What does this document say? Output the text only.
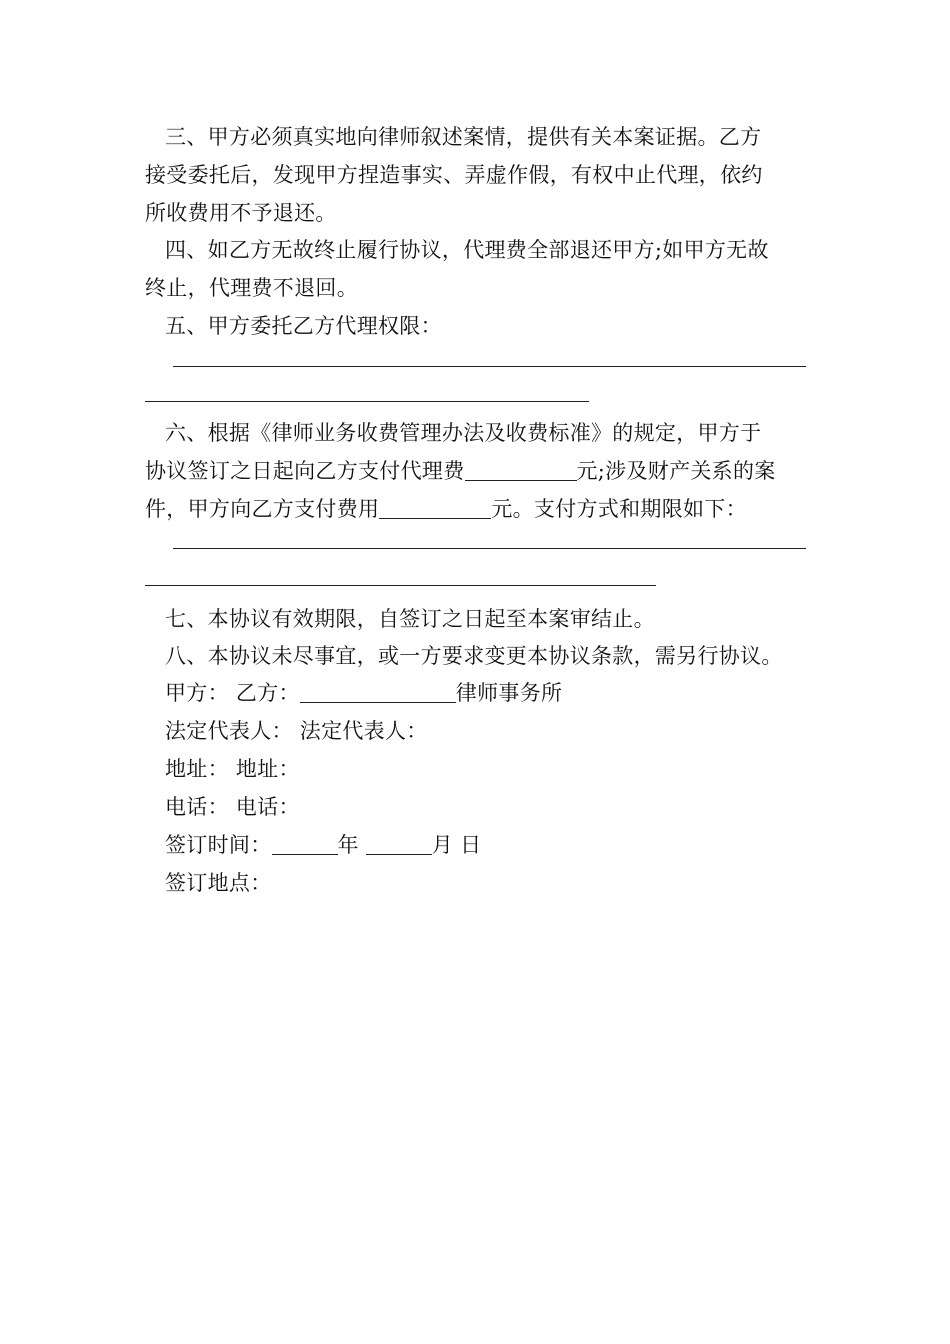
三、甲方必须真实地向律师叙述案情，提供有关本案证据。乙方
接受委托后，发现甲方捏造事实、弄虚作假，有权中止代理，依约
所收费用不予退还。
四、如乙方无故终止履行协议，代理费全部退还甲方;如甲方无故
终止，代理费不退回。
五、甲方委托乙方代理权限：
六、根据《律师业务收费管理办法及收费标准》的规定，甲方于
协议签订之日起向乙方支付代理费	元;涉及财产关系的案
件，甲方向乙方支付费用	元。支付方式和期限如下：
七、本协议有效期限，自签订之日起至本案审结止。
八、本协议未尽事宜，或一方要求变更本协议条款，需另行协议。
甲方： 乙方：	律师事务所
法定代表人： 法定代表人：
地址： 地址：
电话： 电话：
签订时间：	年	月 日
签订地点：
